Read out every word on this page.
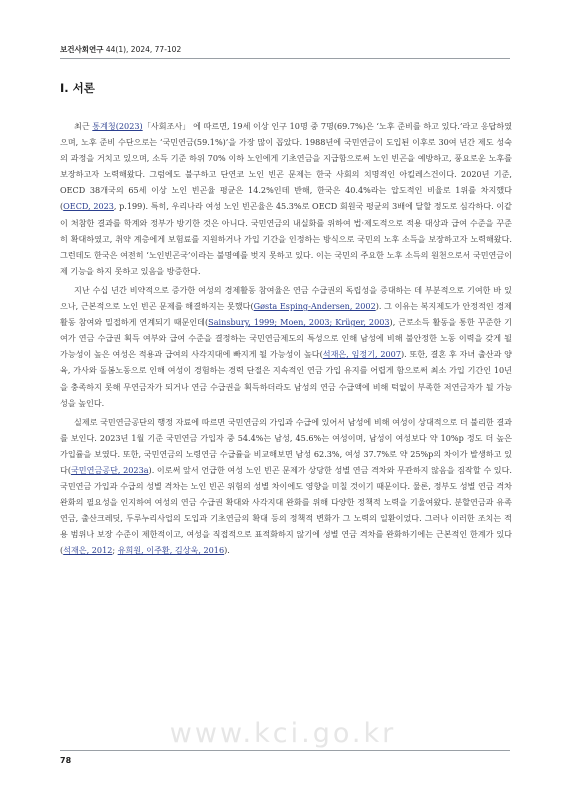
보건사회연구 44(1), 2024, 77-102
Ⅰ. 서론

최근 통계청(2023)「사회조사」 에 따르면, 19세 이상 인구 10명 중 7명(69.7%)은 ‘노후 준비를 하고 있다.’라고 응답하였으며, 노후 준비 수단으로는 ‘국민연금(59.1%)’을 가장 많이 꼽았다. 1988년에 국민연금이 도입된 이후로 30여 년간 제도 성숙의 과정을 거치고 있으며, 소득 기준 하위 70% 이하 노인에게 기초연금을 지급함으로써 노인 빈곤을 예방하고, 풍요로운 노후를 보장하고자 노력해왔다. 그럼에도 불구하고 단연코 노인 빈곤 문제는 한국 사회의 치명적인 아킬레스건이다. 2020년 기준, OECD 38개국의 65세 이상 노인 빈곤율 평균은 14.2%인데 반해, 한국은 40.4%라는 압도적인 비율로 1위를 차지했다(OECD, 2023, p.199). 특히, 우리나라 여성 노인 빈곤율은 45.3%로 OECD 회원국 평균의 3배에 달할 정도로 심각하다. 이같이 처참한 결과를 학계와 정부가 방기한 것은 아니다. 국민연금의 내실화를 위하여 법·제도적으로 적용 대상과 급여 수준을 꾸준히 확대하였고, 취약 계층에게 보험료를 지원하거나 가입 기간을 인정하는 방식으로 국민의 노후 소득을 보장하고자 노력해왔다. 그런데도 한국은 여전히 ‘노인빈곤국’이라는 불명예를 벗지 못하고 있다. 이는 국민의 주요한 노후 소득의 원천으로서 국민연금이 제 기능을 하지 못하고 있음을 방증한다.

지난 수십 년간 비약적으로 증가한 여성의 경제활동 참여율은 연금 수급권의 독립성을 증대하는 데 부분적으로 기여한 바 있으나, 근본적으로 노인 빈곤 문제를 해결하지는 못했다(Gøsta Esping-Andersen, 2002). 그 이유는 복지제도가 안정적인 경제활동 참여와 밀접하게 연계되기 때문인데(Sainsbury, 1999; Moen, 2003; Krüger, 2003), 근로소득 활동을 통한 꾸준한 기여가 연금 수급권 획득 여부와 급여 수준을 결정하는 국민연금제도의 특성으로 인해 남성에 비해 불안정한 노동 이력을 갖게 될 가능성이 높은 여성은 적용과 급여의 사각지대에 빠지게 될 가능성이 높다(석재은, 임정기, 2007). 또한, 결혼 후 자녀 출산과 양육, 가사와 돌봄노동으로 인해 여성이 경험하는 경력 단절은 지속적인 연금 가입 유지를 어렵게 함으로써 최소 가입 기간인 10년을 충족하지 못해 무연금자가 되거나 연금 수급권을 획득하더라도 남성의 연금 수급액에 비해 턱없이 부족한 저연금자가 될 가능성을 높인다.

실제로 국민연금공단의 행정 자료에 따르면 국민연금의 가입과 수급에 있어서 남성에 비해 여성이 상대적으로 더 불리한 결과를 보인다. 2023년 1월 기준 국민연금 가입자 중 54.4%는 남성, 45.6%는 여성이며, 남성이 여성보다 약 10%p 정도 더 높은 가입률을 보였다. 또한, 국민연금의 노령연금 수급률을 비교해보면 남성 62.3%, 여성 37.7%로 약 25%p의 차이가 발생하고 있다(국민연금공단, 2023a). 이로써 앞서 언급한 여성 노인 빈곤 문제가 상당한 성별 연금 격차와 무관하지 않음을 짐작할 수 있다. 국민연금 가입과 수급의 성별 격차는 노인 빈곤 위험의 성별 차이에도 영향을 미칠 것이기 때문이다. 물론, 정부도 성별 연금 격차 완화의 필요성을 인지하여 여성의 연금 수급권 확대와 사각지대 완화를 위해 다양한 정책적 노력을 기울여왔다. 분할연금과 유족연금, 출산크레딧, 두루누리사업의 도입과 기초연금의 확대 등의 정책적 변화가 그 노력의 일환이었다. 그러나 이러한 조치는 적용 범위나 보장 수준이 제한적이고, 여성을 직접적으로 표적화하지 않기에 성별 연금 격차를 완화하기에는 근본적인 한계가 있다(석재은, 2012; 유희원, 이주환, 김상욱, 2016).

www.kci.go.kr
78
